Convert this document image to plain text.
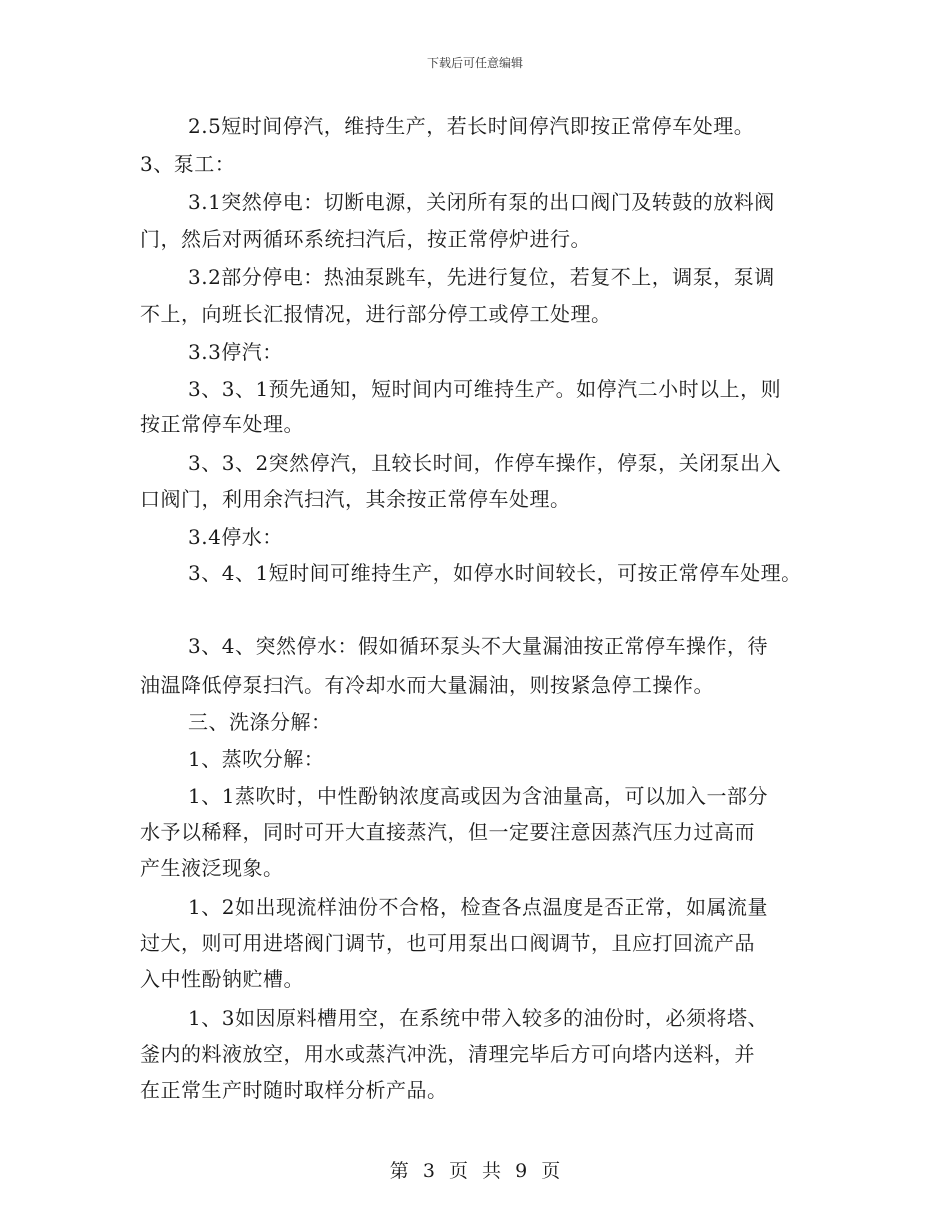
下载后可任意编辑
2.5短时间停汽，维持生产，若长时间停汽即按正常停车处理。
3、泵工：
3.1突然停电：切断电源，关闭所有泵的出口阀门及转鼓的放料阀
门，然后对两循环系统扫汽后，按正常停炉进行。
3.2部分停电：热油泵跳车，先进行复位，若复不上，调泵，泵调
不上，向班长汇报情况，进行部分停工或停工处理。
3.3停汽：
3、3、1预先通知，短时间内可维持生产。如停汽二小时以上，则
按正常停车处理。
3、3、2突然停汽，且较长时间，作停车操作，停泵，关闭泵出入
口阀门，利用余汽扫汽，其余按正常停车处理。
3.4停水：
3、4、1短时间可维持生产，如停水时间较长，可按正常停车处理。
3、4、突然停水：假如循环泵头不大量漏油按正常停车操作，待
油温降低停泵扫汽。有冷却水而大量漏油，则按紧急停工操作。
三、洗涤分解：
1、蒸吹分解：
1、1蒸吹时，中性酚钠浓度高或因为含油量高，可以加入一部分
水予以稀释，同时可开大直接蒸汽，但一定要注意因蒸汽压力过高而
产生液泛现象。
1、2如出现流样油份不合格，检查各点温度是否正常，如属流量
过大，则可用进塔阀门调节，也可用泵出口阀调节，且应打回流产品
入中性酚钠贮槽。
1、3如因原料槽用空，在系统中带入较多的油份时，必须将塔、
釜内的料液放空，用水或蒸汽冲洗，清理完毕后方可向塔内送料，并
在正常生产时随时取样分析产品。
第 3 页 共 9 页
